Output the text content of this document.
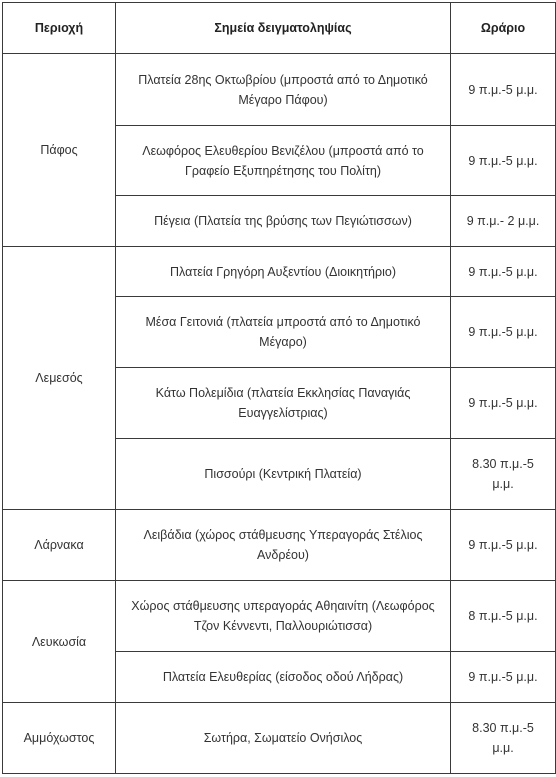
Περιοχή	Σημεία δειγματοληψίας	Ωράριο
Πάφος	Πλατεία 28ης Οκτωβρίου (μπροστά από το Δημοτικό Μέγαρο Πάφου)	9 π.μ.-5 μ.μ.
	Λεωφόρος Ελευθερίου Βενιζέλου (μπροστά από το Γραφείο Εξυπηρέτησης του Πολίτη)	9 π.μ.-5 μ.μ.
	Πέγεια (Πλατεία της βρύσης των Πεγιώτισσων)	9 π.μ.- 2 μ.μ.
Λεμεσός	Πλατεία Γρηγόρη Αυξεντίου (Διοικητήριο)	9 π.μ.-5 μ.μ.
	Μέσα Γειτονιά (πλατεία μπροστά από το Δημοτικό Μέγαρο)	9 π.μ.-5 μ.μ.
	Κάτω Πολεμίδια (πλατεία Εκκλησίας Παναγιάς Ευαγγελίστριας)	9 π.μ.-5 μ.μ.
	Πισσούρι (Κεντρική Πλατεία)	8.30 π.μ.-5 μ.μ.
Λάρνακα	Λειβάδια (χώρος στάθμευσης Υπεραγοράς Στέλιος Ανδρέου)	9 π.μ.-5 μ.μ.
Λευκωσία	Χώρος στάθμευσης υπεραγοράς Αθηαινίτη (Λεωφόρος Τζον Κέννεντι, Παλλουριώτισσα)	8 π.μ.-5 μ.μ.
	Πλατεία Ελευθερίας (είσοδος οδού Λήδρας)	9 π.μ.-5 μ.μ.
Αμμόχωστος	Σωτήρα, Σωματείο Ονήσιλος	8.30 π.μ.-5 μ.μ.
